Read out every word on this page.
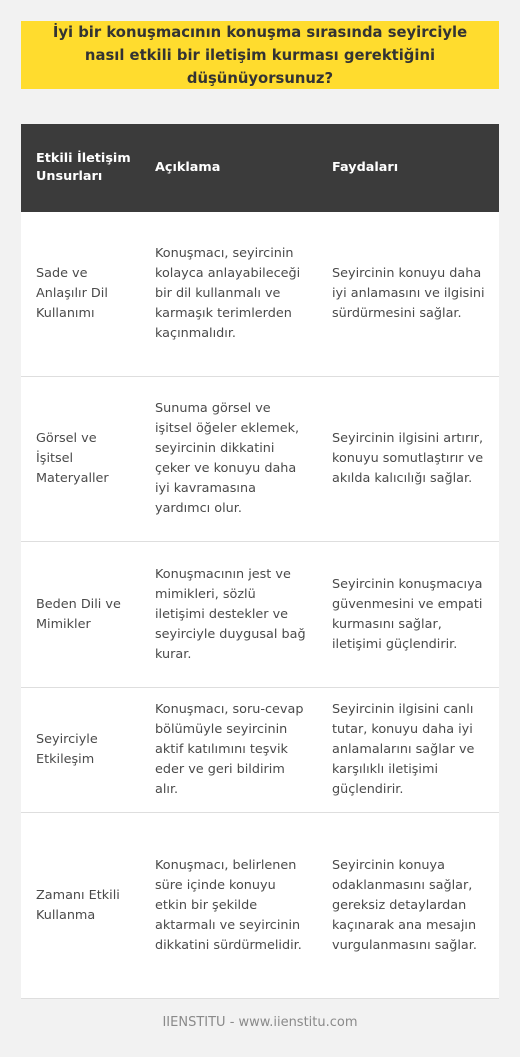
İyi bir konuşmacının konuşma sırasında seyirciyle nasıl etkili bir iletişim kurması gerektiğini düşünüyorsunuz?
Etkili İletişim Unsurları
Açıklama	Faydaları
Sade ve Anlaşılır Dil Kullanımı
Konuşmacı, seyircinin kolayca anlayabileceği bir dil kullanmalı ve karmaşık terimlerden kaçınmalıdır.
Seyircinin konuyu daha iyi anlamasını ve ilgisini sürdürmesini sağlar.
Görsel ve İşitsel Materyaller
Sunuma görsel ve işitsel öğeler eklemek, seyircinin dikkatini çeker ve konuyu daha iyi kavramasına yardımcı olur.
Seyircinin ilgisini artırır, konuyu somutlaştırır ve akılda kalıcılığı sağlar.
Beden Dili ve Mimikler
Konuşmacının jest ve mimikleri, sözlü iletişimi destekler ve seyirciyle duygusal bağ kurar.
Seyircinin konuşmacıya güvenmesini ve empati kurmasını sağlar, iletişimi güçlendirir.
Seyirciyle Etkileşim
Konuşmacı, soru-cevap bölümüyle seyircinin aktif katılımını teşvik eder ve geri bildirim alır.
Seyircinin ilgisini canlı tutar, konuyu daha iyi anlamalarını sağlar ve karşılıklı iletişimi güçlendirir.
Zamanı Etkili Kullanma
Konuşmacı, belirlenen süre içinde konuyu etkin bir şekilde aktarmalı ve seyircinin dikkatini sürdürmelidir.
Seyircinin konuya odaklanmasını sağlar, gereksiz detaylardan kaçınarak ana mesajın vurgulanmasını sağlar.
IIENSTITU - www.iienstitu.com
